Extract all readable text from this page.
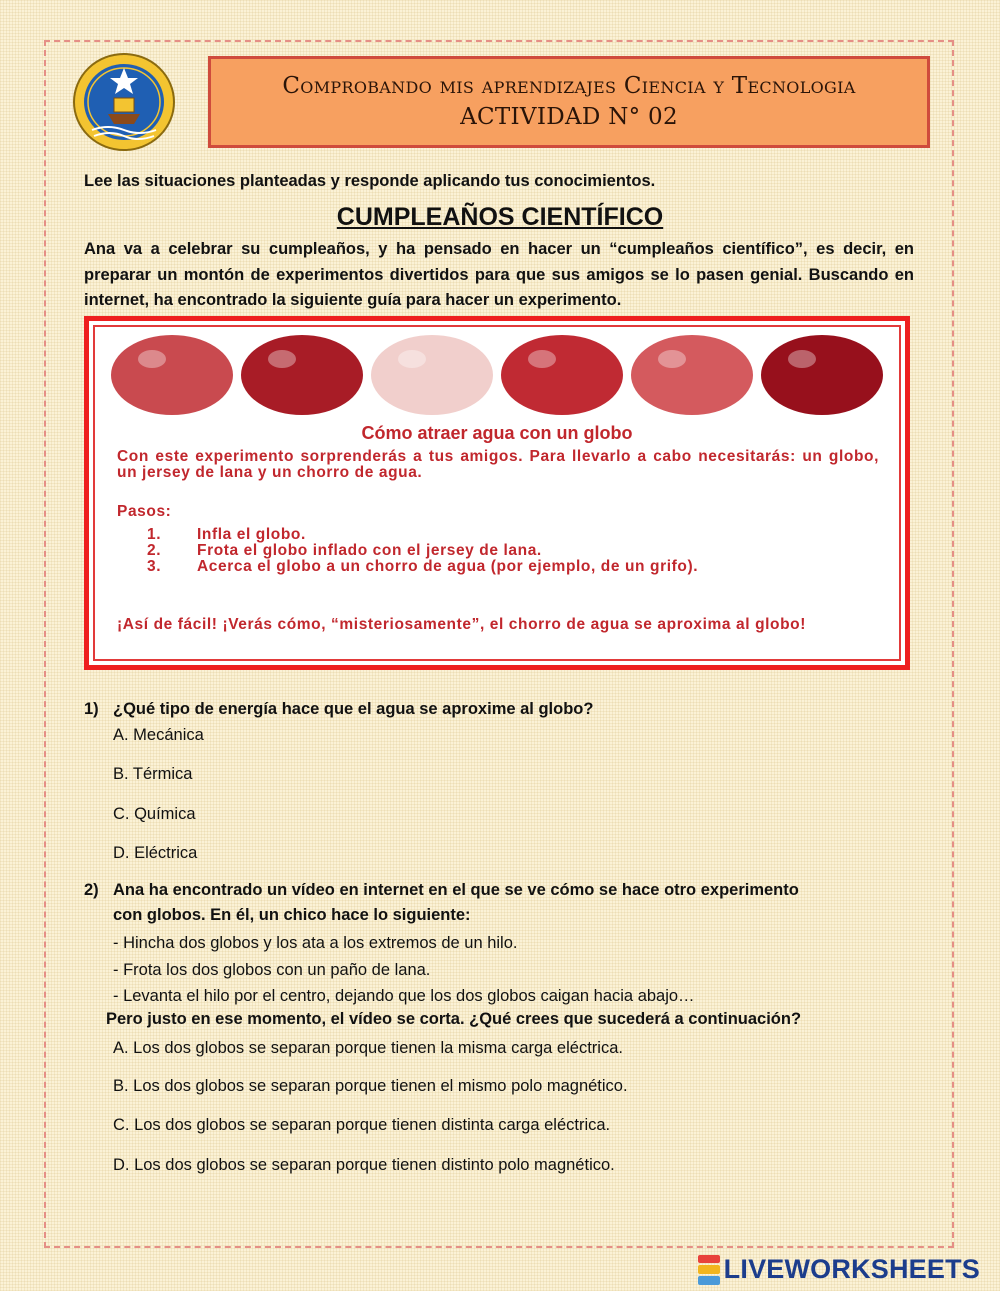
Comprobando mis aprendizajes Ciencia y Tecnologia
ACTIVIDAD N° 02
Lee las situaciones planteadas y responde aplicando tus conocimientos.
CUMPLEAÑOS CIENTÍFICO
Ana va a celebrar su cumpleaños, y ha pensado en hacer un “cumpleaños científico”, es decir, en preparar un montón de experimentos divertidos para que sus amigos se lo pasen genial. Buscando en internet, ha encontrado la siguiente guía para hacer un experimento.
Cómo atraer agua con un globo
Con este experimento sorprenderás a tus amigos. Para llevarlo a cabo necesitarás: un globo, un jersey de lana y un chorro de agua.
Pasos:
1.	Infla el globo.
2.	Frota el globo inflado con el jersey de lana.
3.	Acerca el globo a un chorro de agua (por ejemplo, de un grifo).
¡Así de fácil! ¡Verás cómo, “misteriosamente”, el chorro de agua se aproxima al globo!
1) ¿Qué tipo de energía hace que el agua se aproxime al globo?
A. Mecánica
B. Térmica
C. Química
D. Eléctrica
2) Ana ha encontrado un vídeo en internet en el que se ve cómo se hace otro experimento
con globos. En él, un chico hace lo siguiente:
- Hincha dos globos y los ata a los extremos de un hilo.
- Frota los dos globos con un paño de lana.
- Levanta el hilo por el centro, dejando que los dos globos caigan hacia abajo…
Pero justo en ese momento, el vídeo se corta. ¿Qué crees que sucederá a continuación?
A. Los dos globos se separan porque tienen la misma carga eléctrica.
B. Los dos globos se separan porque tienen el mismo polo magnético.
C. Los dos globos se separan porque tienen distinta carga eléctrica.
D. Los dos globos se separan porque tienen distinto polo magnético.
LIVEWORKSHEETS
